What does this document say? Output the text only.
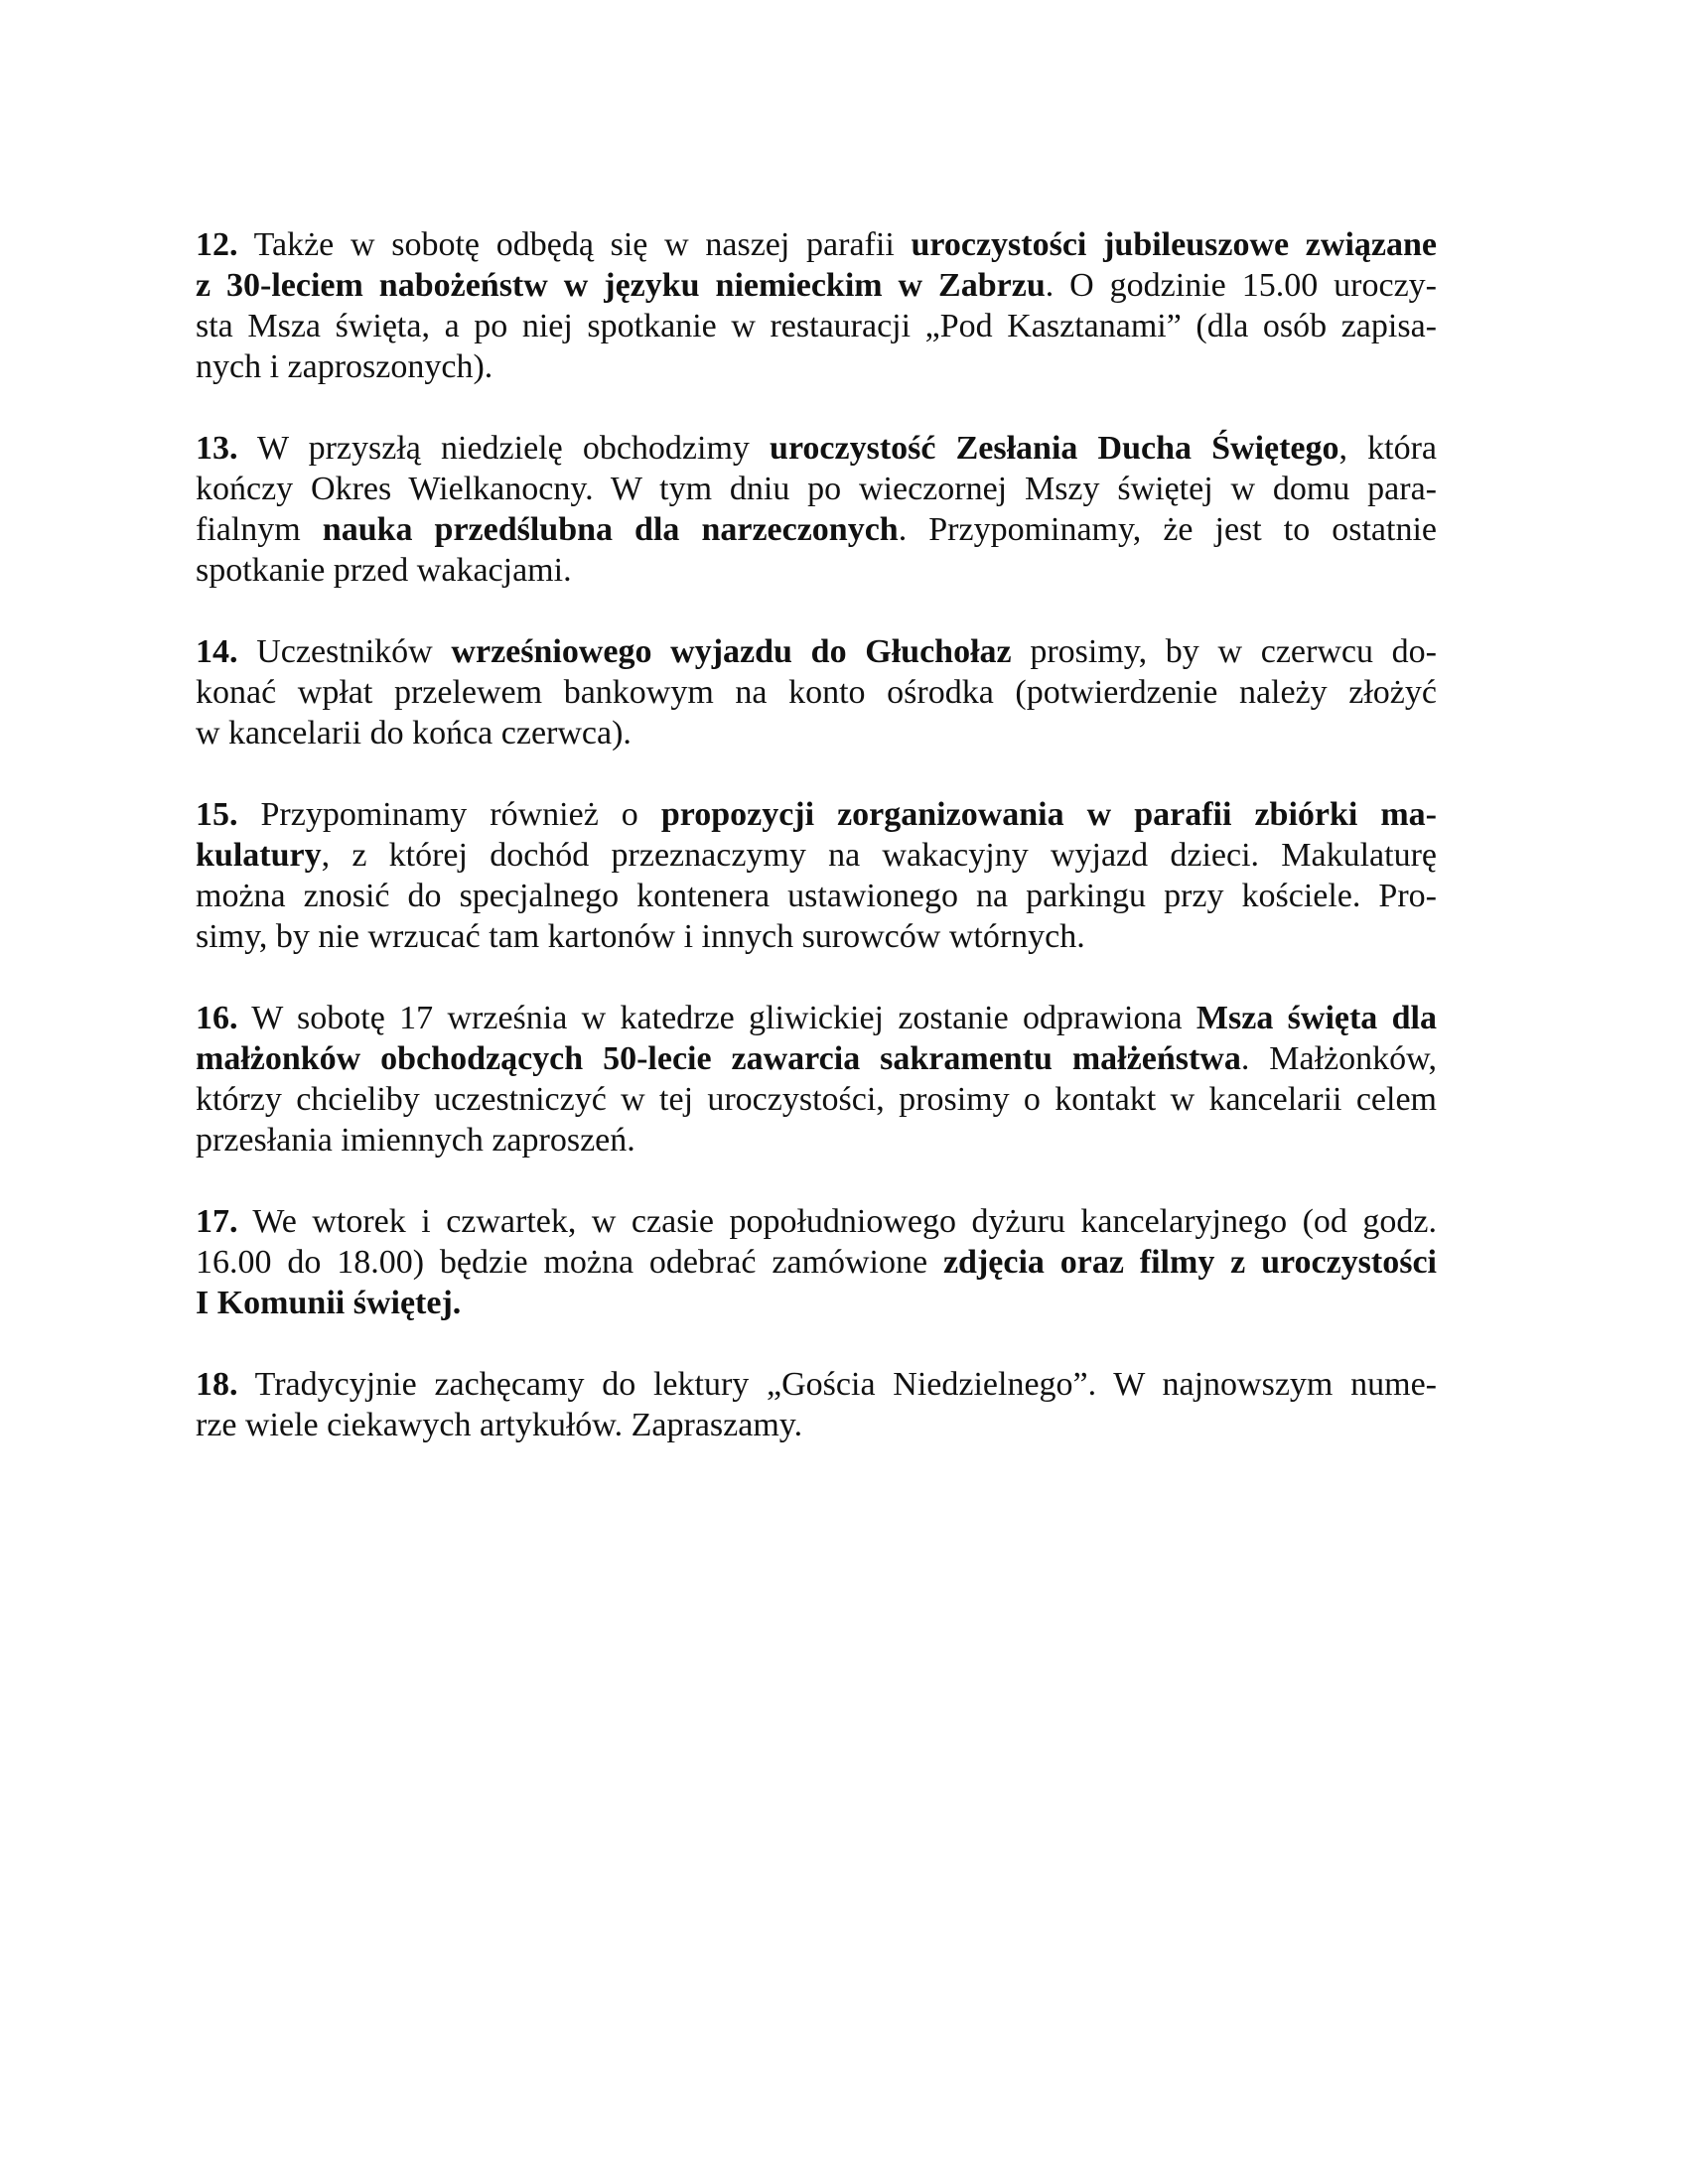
12. Także w sobotę odbędą się w naszej parafii uroczystości jubileuszowe związane
z 30-leciem nabożeństw w języku niemieckim w Zabrzu. O godzinie 15.00 uroczy-
sta Msza święta, a po niej spotkanie w restauracji „Pod Kasztanami” (dla osób zapisa-
nych i zaproszonych).
13. W przyszłą niedzielę obchodzimy uroczystość Zesłania Ducha Świętego, która
kończy Okres Wielkanocny. W tym dniu po wieczornej Mszy świętej w domu para-
fialnym nauka przedślubna dla narzeczonych. Przypominamy, że jest to ostatnie
spotkanie przed wakacjami.
14. Uczestników wrześniowego wyjazdu do Głuchołaz prosimy, by w czerwcu do-
konać wpłat przelewem bankowym na konto ośrodka (potwierdzenie należy złożyć
w kancelarii do końca czerwca).
15. Przypominamy również o propozycji zorganizowania w parafii zbiórki ma-
kulatury, z której dochód przeznaczymy na wakacyjny wyjazd dzieci. Makulaturę
można znosić do specjalnego kontenera ustawionego na parkingu przy kościele. Pro-
simy, by nie wrzucać tam kartonów i innych surowców wtórnych.
16. W sobotę 17 września w katedrze gliwickiej zostanie odprawiona Msza święta dla
małżonków obchodzących 50-lecie zawarcia sakramentu małżeństwa. Małżonków,
którzy chcieliby uczestniczyć w tej uroczystości, prosimy o kontakt w kancelarii celem
przesłania imiennych zaproszeń.
17. We wtorek i czwartek, w czasie popołudniowego dyżuru kancelaryjnego (od godz.
16.00 do 18.00) będzie można odebrać zamówione zdjęcia oraz filmy z uroczystości
I Komunii świętej.
18. Tradycyjnie zachęcamy do lektury „Gościa Niedzielnego”. W najnowszym nume-
rze wiele ciekawych artykułów. Zapraszamy.
